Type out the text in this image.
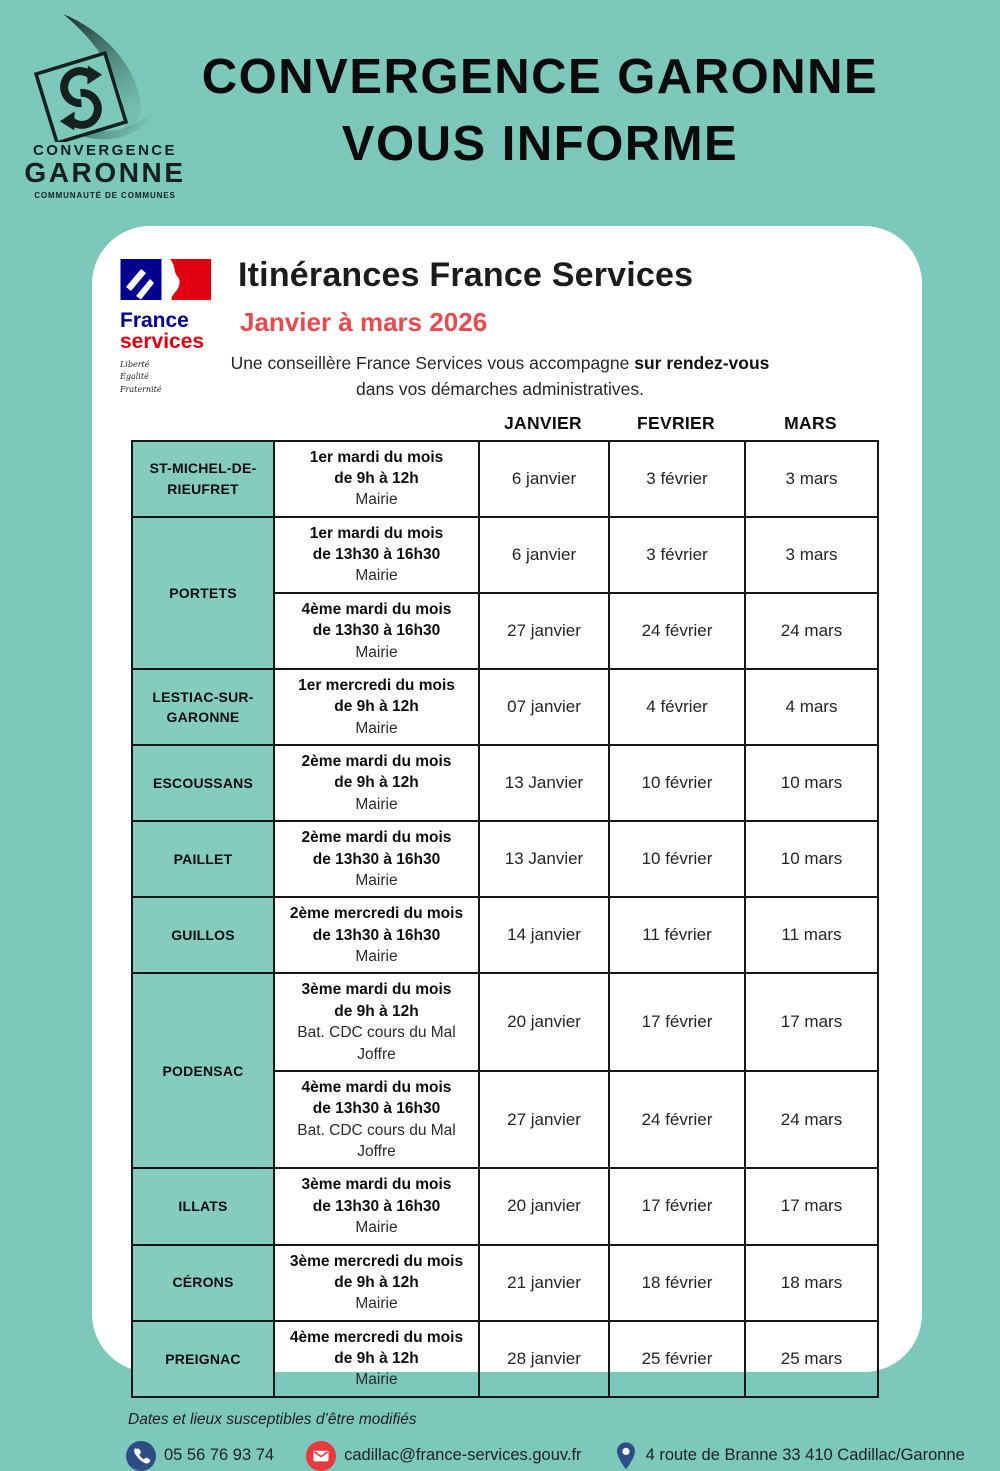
CONVERGENCE
GARONNE
COMMUNAUTÉ DE COMMUNES
CONVERGENCE GARONNE
VOUS INFORME
France
services
Liberté
Égalité
Fraternité
Itinérances France Services
Janvier à mars 2026

Une conseillère France Services vous accompagne sur rendez-vous
dans vos démarches administratives.

JANVIER	FEVRIER	MARS
ST-MICHEL-DE-RIEUFRET	1er mardi du mois
de 9h à 12h
Mairie	6 janvier	3 février	3 mars
PORTETS	1er mardi du mois
de 13h30 à 16h30
Mairie	6 janvier	3 février	3 mars

	4ème mardi du mois
de 13h30 à 16h30
Mairie	27 janvier	24 février	24 mars
LESTIAC-SUR-GARONNE	1er mercredi du mois
de 9h à 12h
Mairie	07 janvier	4 février	4 mars
ESCOUSSANS	2ème mardi du mois
de 9h à 12h
Mairie	13 Janvier	10 février	10 mars
PAILLET	2ème mardi du mois
de 13h30 à 16h30
Mairie	13 Janvier	10 février	10 mars
GUILLOS	2ème mercredi du mois
de 13h30 à 16h30
Mairie	14 janvier	11 février	11 mars
PODENSAC	3ème mardi du mois
de 9h à 12h
Bat. CDC cours du Mal Joffre	20 janvier	17 février	17 mars

	4ème mardi du mois
de 13h30 à 16h30
Bat. CDC cours du Mal Joffre	27 janvier	24 février	24 mars
ILLATS	3ème mardi du mois
de 13h30 à 16h30
Mairie	20 janvier	17 février	17 mars
CÉRONS	3ème mercredi du mois
de 9h à 12h
Mairie	21 janvier	18 février	18 mars
PREIGNAC	4ème mercredi du mois
de 9h à 12h
Mairie	28 janvier	25 février	25 mars

Dates et lieux susceptibles d’être modifiés

05 56 76 93 74	cadillac@france-services.gouv.fr	4 route de Branne 33 410 Cadillac/Garonne
